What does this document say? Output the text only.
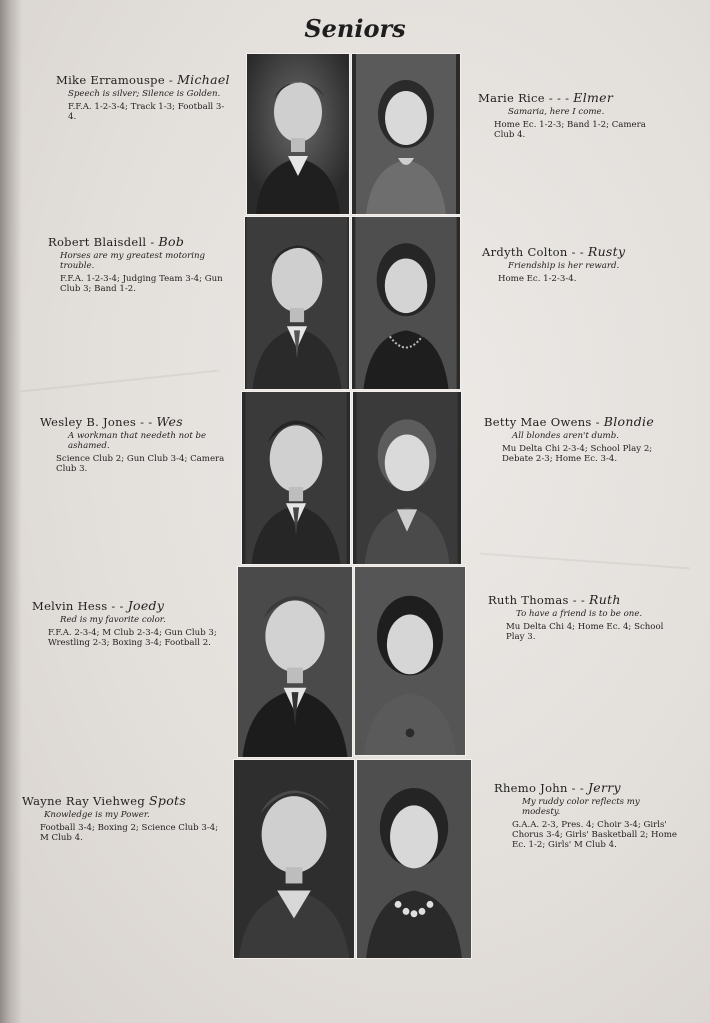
Seniors
Mike Erramouspe - Michael
Speech is silver; Silence is Golden.
F.F.A. 1-2-3-4; Track 1-3; Football 3-4.
Robert Blaisdell - Bob
Horses are my greatest motoring trouble.
F.F.A. 1-2-3-4; Judging Team 3-4; Gun Club 3; Band 1-2.
Wesley B. Jones - - Wes
A workman that needeth not be ashamed.
Science Club 2; Gun Club 3-4; Camera Club 3.
Melvin Hess - - Joedy
Red is my favorite color.
F.F.A. 2-3-4; M Club 2-3-4; Gun Club 3; Wrestling 2-3; Boxing 3-4; Football 2.
Wayne Ray Viehweg Spots
Knowledge is my Power.
Football 3-4; Boxing 2; Science Club 3-4; M Club 4.
Marie Rice - - - Elmer
Samaria, here I come.
Home Ec. 1-2-3; Band 1-2; Camera Club 4.
Ardyth Colton - - Rusty
Friendship is her reward.
Home Ec. 1-2-3-4.
Betty Mae Owens - Blondie
All blondes aren't dumb.
Mu Delta Chi 2-3-4; School Play 2; Debate 2-3; Home Ec. 3-4.
Ruth Thomas - - Ruth
To have a friend is to be one.
Mu Delta Chi 4; Home Ec. 4; School Play 3.
Rhemo John - - Jerry
My ruddy color reflects my modesty.
G.A.A. 2-3, Pres. 4; Choir 3-4; Girls' Chorus 3-4; Girls' Basketball 2; Home Ec. 1-2; Girls' M Club 4.
